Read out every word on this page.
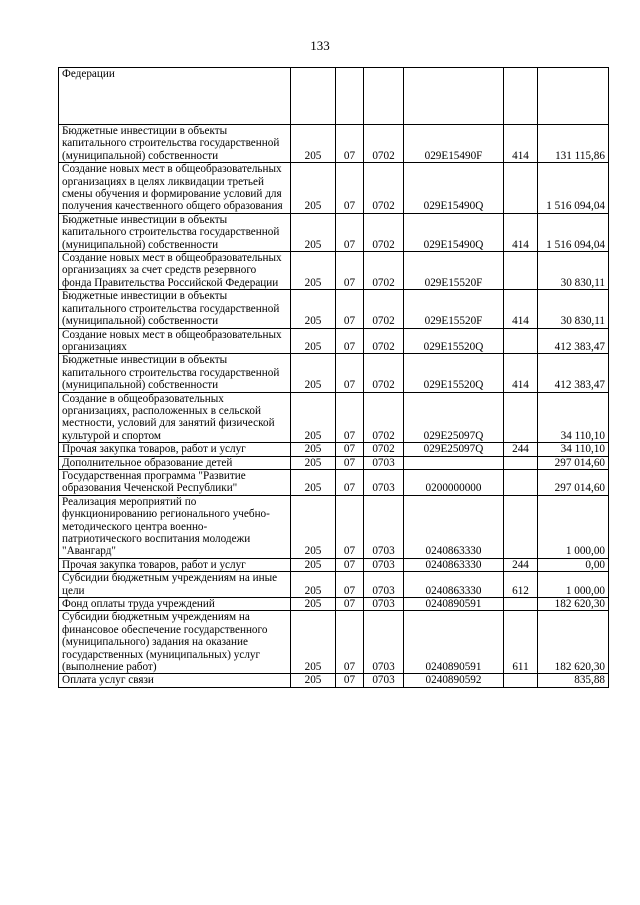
133
Федерации						
Бюджетные инвестиции в объекты капитального строительства государственной (муниципальной) собственности	205	07	0702	029E15490F	414	131 115,86
Создание новых мест в общеобразовательных организациях в целях ликвидации третьей смены обучения и формирование условий для получения качественного общего образования	205	07	0702	029E15490Q		1 516 094,04
Бюджетные инвестиции в объекты капитального строительства государственной (муниципальной) собственности	205	07	0702	029E15490Q	414	1 516 094,04
Создание новых мест в общеобразовательных организациях за счет средств резервного фонда Правительства Российской Федерации	205	07	0702	029E15520F		30 830,11
Бюджетные инвестиции в объекты капитального строительства государственной (муниципальной) собственности	205	07	0702	029E15520F	414	30 830,11
Создание новых мест в общеобразовательных организациях	205	07	0702	029E15520Q		412 383,47
Бюджетные инвестиции в объекты капитального строительства государственной (муниципальной) собственности	205	07	0702	029E15520Q	414	412 383,47
Создание в общеобразовательных организациях, расположенных в сельской местности, условий для занятий физической культурой и спортом	205	07	0702	029E25097Q		34 110,10
Прочая закупка товаров, работ и услуг	205	07	0702	029E25097Q	244	34 110,10
Дополнительное образование детей	205	07	0703			297 014,60
Государственная программа "Развитие образования Чеченской Республики"	205	07	0703	0200000000		297 014,60
Реализация мероприятий по функционированию регионального учебно-методического центра военно-патриотического воспитания молодежи "Авангард"	205	07	0703	0240863330		1 000,00
Прочая закупка товаров, работ и услуг	205	07	0703	0240863330	244	0,00
Субсидии бюджетным учреждениям на иные цели	205	07	0703	0240863330	612	1 000,00
Фонд оплаты труда учреждений	205	07	0703	0240890591		182 620,30
Субсидии бюджетным учреждениям на финансовое обеспечение государственного (муниципального) задания на оказание государственных (муниципальных) услуг (выполнение работ)	205	07	0703	0240890591	611	182 620,30
Оплата услуг связи	205	07	0703	0240890592		835,88
